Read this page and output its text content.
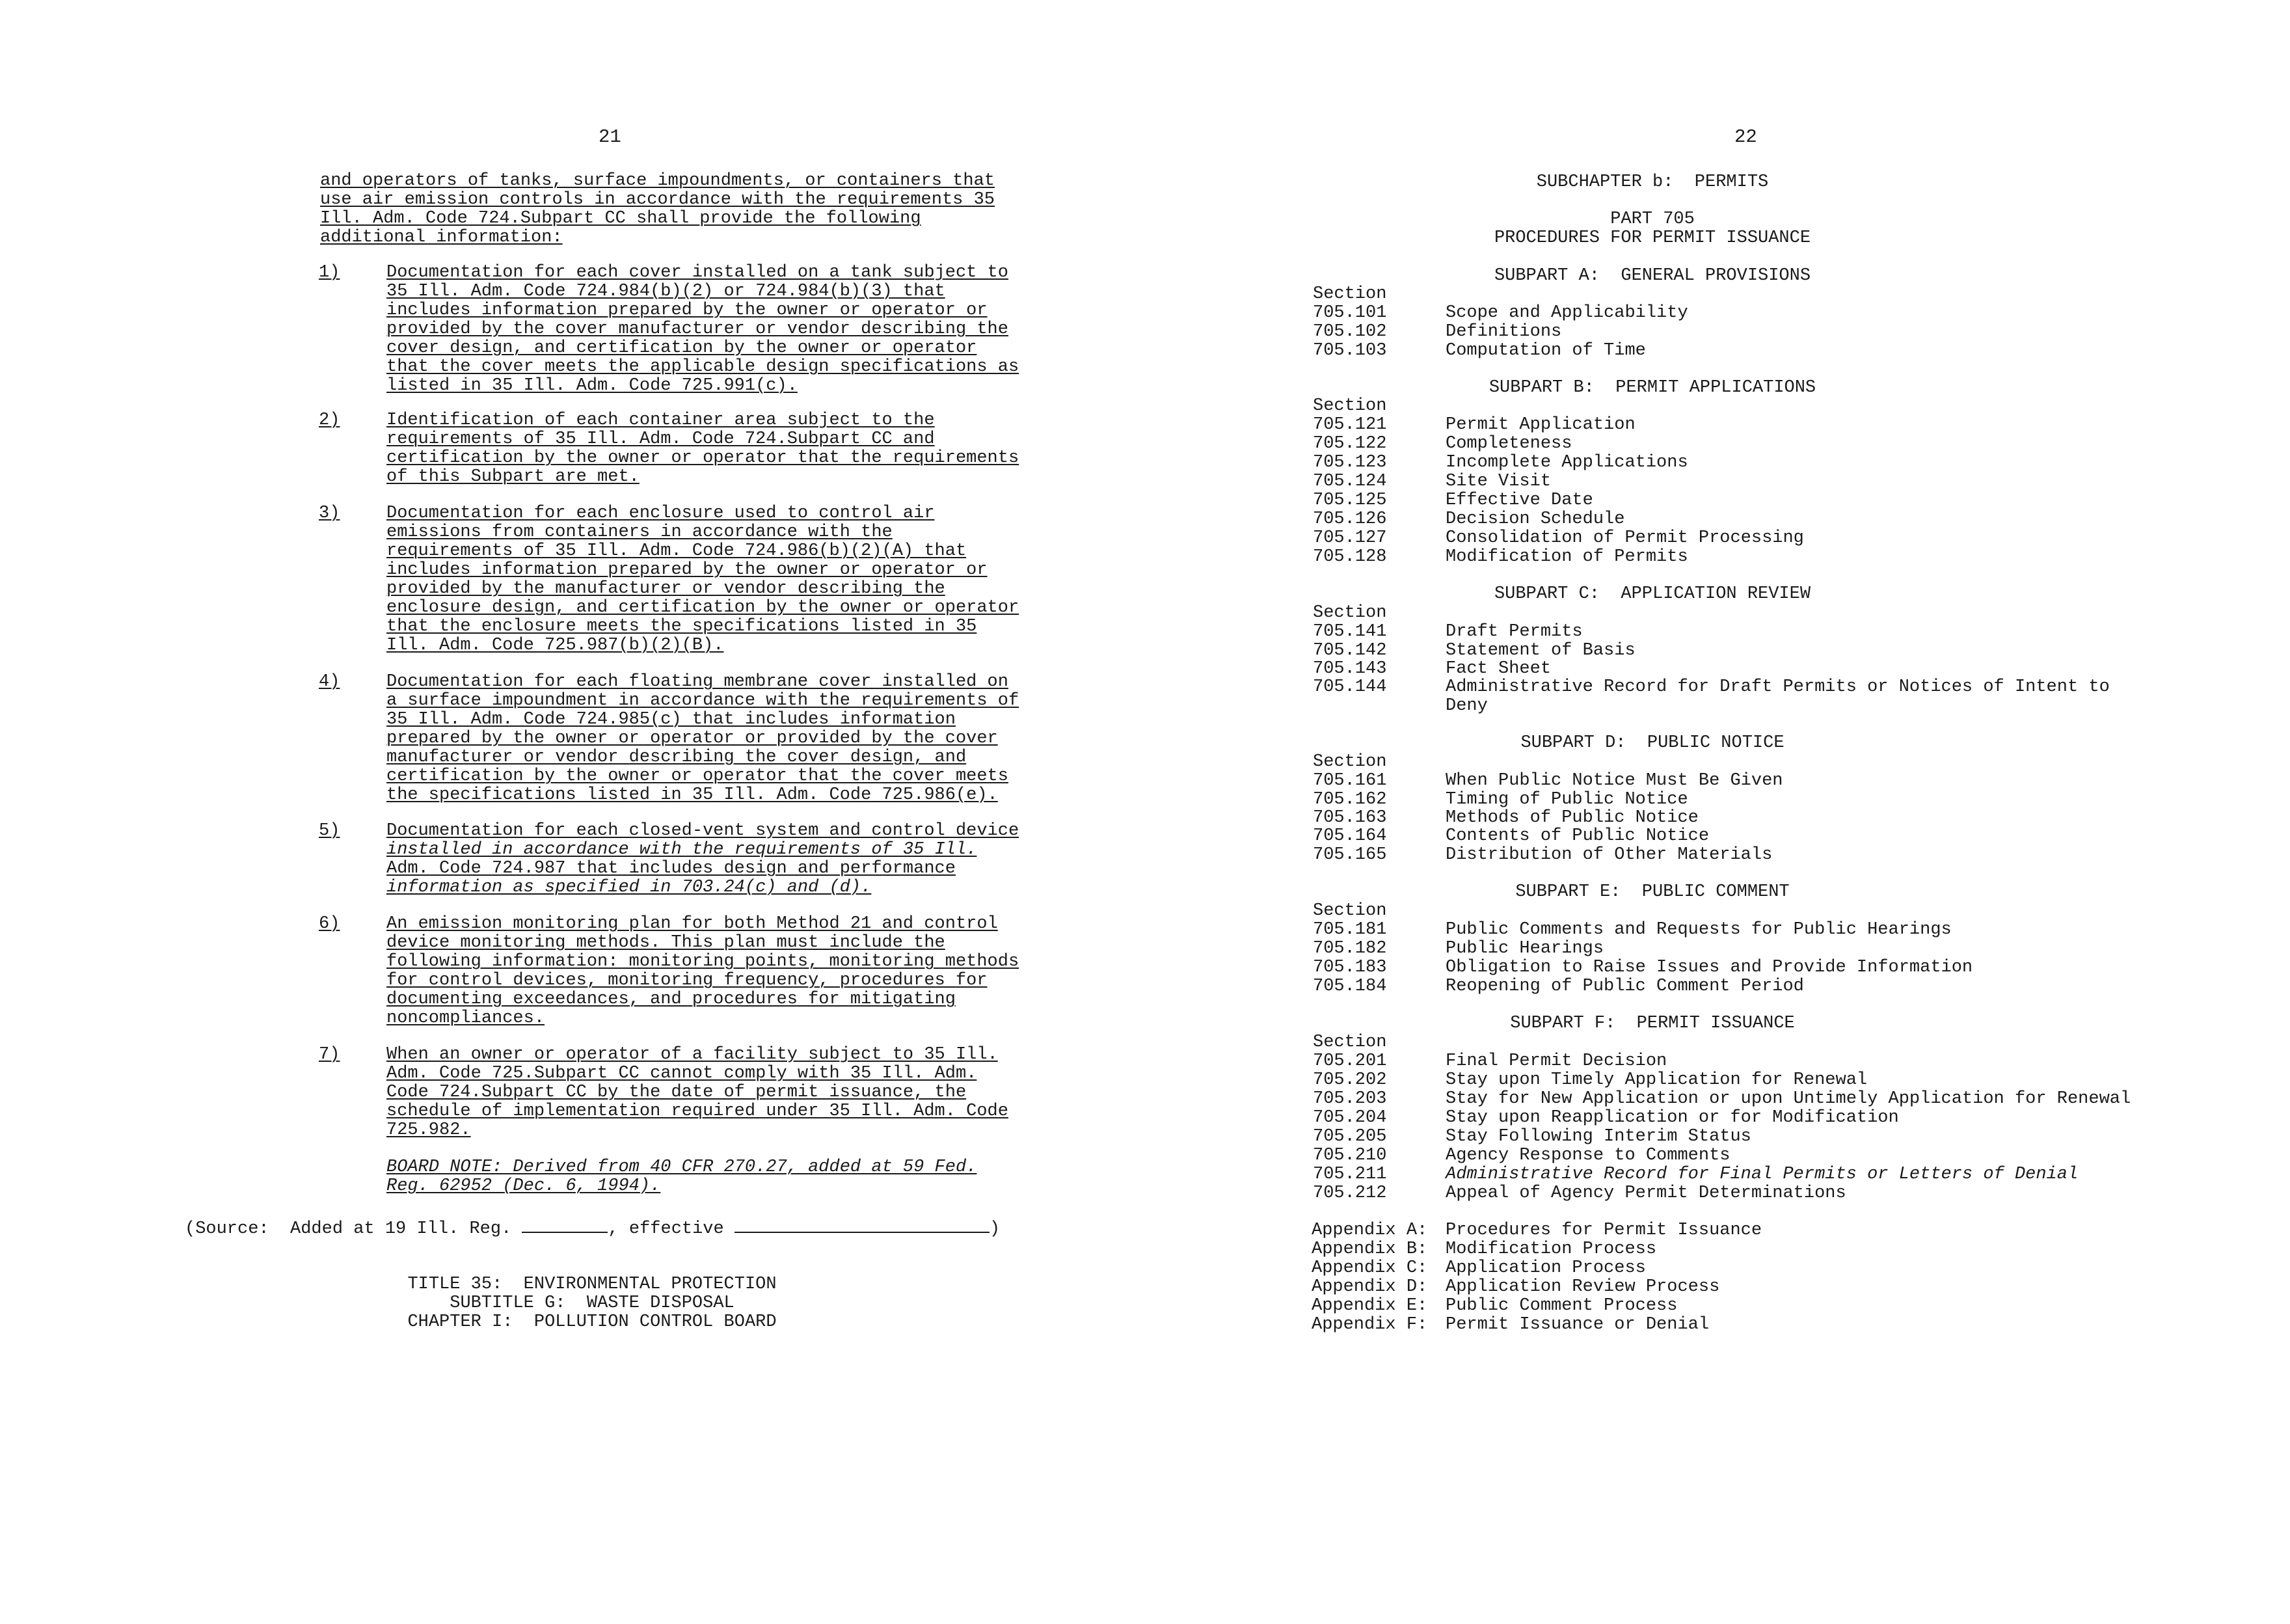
21
and operators of tanks, surface impoundments, or containers that
use air emission controls in accordance with the requirements 35
Ill. Adm. Code 724.Subpart CC shall provide the following
additional information:
1)	Documentation for each cover installed on a tank subject to
35 Ill. Adm. Code 724.984(b)(2) or 724.984(b)(3) that
includes information prepared by the owner or operator or
provided by the cover manufacturer or vendor describing the
cover design, and certification by the owner or operator
that the cover meets the applicable design specifications as
listed in 35 Ill. Adm. Code 725.991(c).
2)	Identification of each container area subject to the
requirements of 35 Ill. Adm. Code 724.Subpart CC and
certification by the owner or operator that the requirements
of this Subpart are met.
3)	Documentation for each enclosure used to control air
emissions from containers in accordance with the
requirements of 35 Ill. Adm. Code 724.986(b)(2)(A) that
includes information prepared by the owner or operator or
provided by the manufacturer or vendor describing the
enclosure design, and certification by the owner or operator
that the enclosure meets the specifications listed in 35
Ill. Adm. Code 725.987(b)(2)(B).
4)	Documentation for each floating membrane cover installed on
a surface impoundment in accordance with the requirements of
35 Ill. Adm. Code 724.985(c) that includes information
prepared by the owner or operator or provided by the cover
manufacturer or vendor describing the cover design, and
certification by the owner or operator that the cover meets
the specifications listed in 35 Ill. Adm. Code 725.986(e).
5)	Documentation for each closed-vent system and control device
installed in accordance with the requirements of 35 Ill.
Adm. Code 724.987 that includes design and performance
information as specified in 703.24(c) and (d).
6)	An emission monitoring plan for both Method 21 and control
device monitoring methods. This plan must include the
following information: monitoring points, monitoring methods
for control devices, monitoring frequency, procedures for
documenting exceedances, and procedures for mitigating
noncompliances.
7)	When an owner or operator of a facility subject to 35 Ill.
Adm. Code 725.Subpart CC cannot comply with 35 Ill. Adm.
Code 724.Subpart CC by the date of permit issuance, the
schedule of implementation required under 35 Ill. Adm. Code
725.982.
BOARD NOTE: Derived from 40 CFR 270.27, added at 59 Fed.
Reg. 62952 (Dec. 6, 1994).
(Source:  Added at 19 Ill. Reg.	, effective	)
TITLE 35:  ENVIRONMENTAL PROTECTION
SUBTITLE G:  WASTE DISPOSAL
CHAPTER I:  POLLUTION CONTROL BOARD
22
SUBCHAPTER b:  PERMITS
PART 705
PROCEDURES FOR PERMIT ISSUANCE
SUBPART A:  GENERAL PROVISIONS
Section
705.101	Scope and Applicability
705.102	Definitions
705.103	Computation of Time
SUBPART B:  PERMIT APPLICATIONS
Section
705.121	Permit Application
705.122	Completeness
705.123	Incomplete Applications
705.124	Site Visit
705.125	Effective Date
705.126	Decision Schedule
705.127	Consolidation of Permit Processing
705.128	Modification of Permits
SUBPART C:  APPLICATION REVIEW
Section
705.141	Draft Permits
705.142	Statement of Basis
705.143	Fact Sheet
705.144	Administrative Record for Draft Permits or Notices of Intent to Deny
SUBPART D:  PUBLIC NOTICE
Section
705.161	When Public Notice Must Be Given
705.162	Timing of Public Notice
705.163	Methods of Public Notice
705.164	Contents of Public Notice
705.165	Distribution of Other Materials
SUBPART E:  PUBLIC COMMENT
Section
705.181	Public Comments and Requests for Public Hearings
705.182	Public Hearings
705.183	Obligation to Raise Issues and Provide Information
705.184	Reopening of Public Comment Period
SUBPART F:  PERMIT ISSUANCE
Section
705.201	Final Permit Decision
705.202	Stay upon Timely Application for Renewal
705.203	Stay for New Application or upon Untimely Application for Renewal
705.204	Stay upon Reapplication or for Modification
705.205	Stay Following Interim Status
705.210	Agency Response to Comments
705.211	Administrative Record for Final Permits or Letters of Denial
705.212	Appeal of Agency Permit Determinations
Appendix A: Procedures for Permit Issuance
Appendix B: Modification Process
Appendix C: Application Process
Appendix D: Application Review Process
Appendix E: Public Comment Process
Appendix F: Permit Issuance or Denial
